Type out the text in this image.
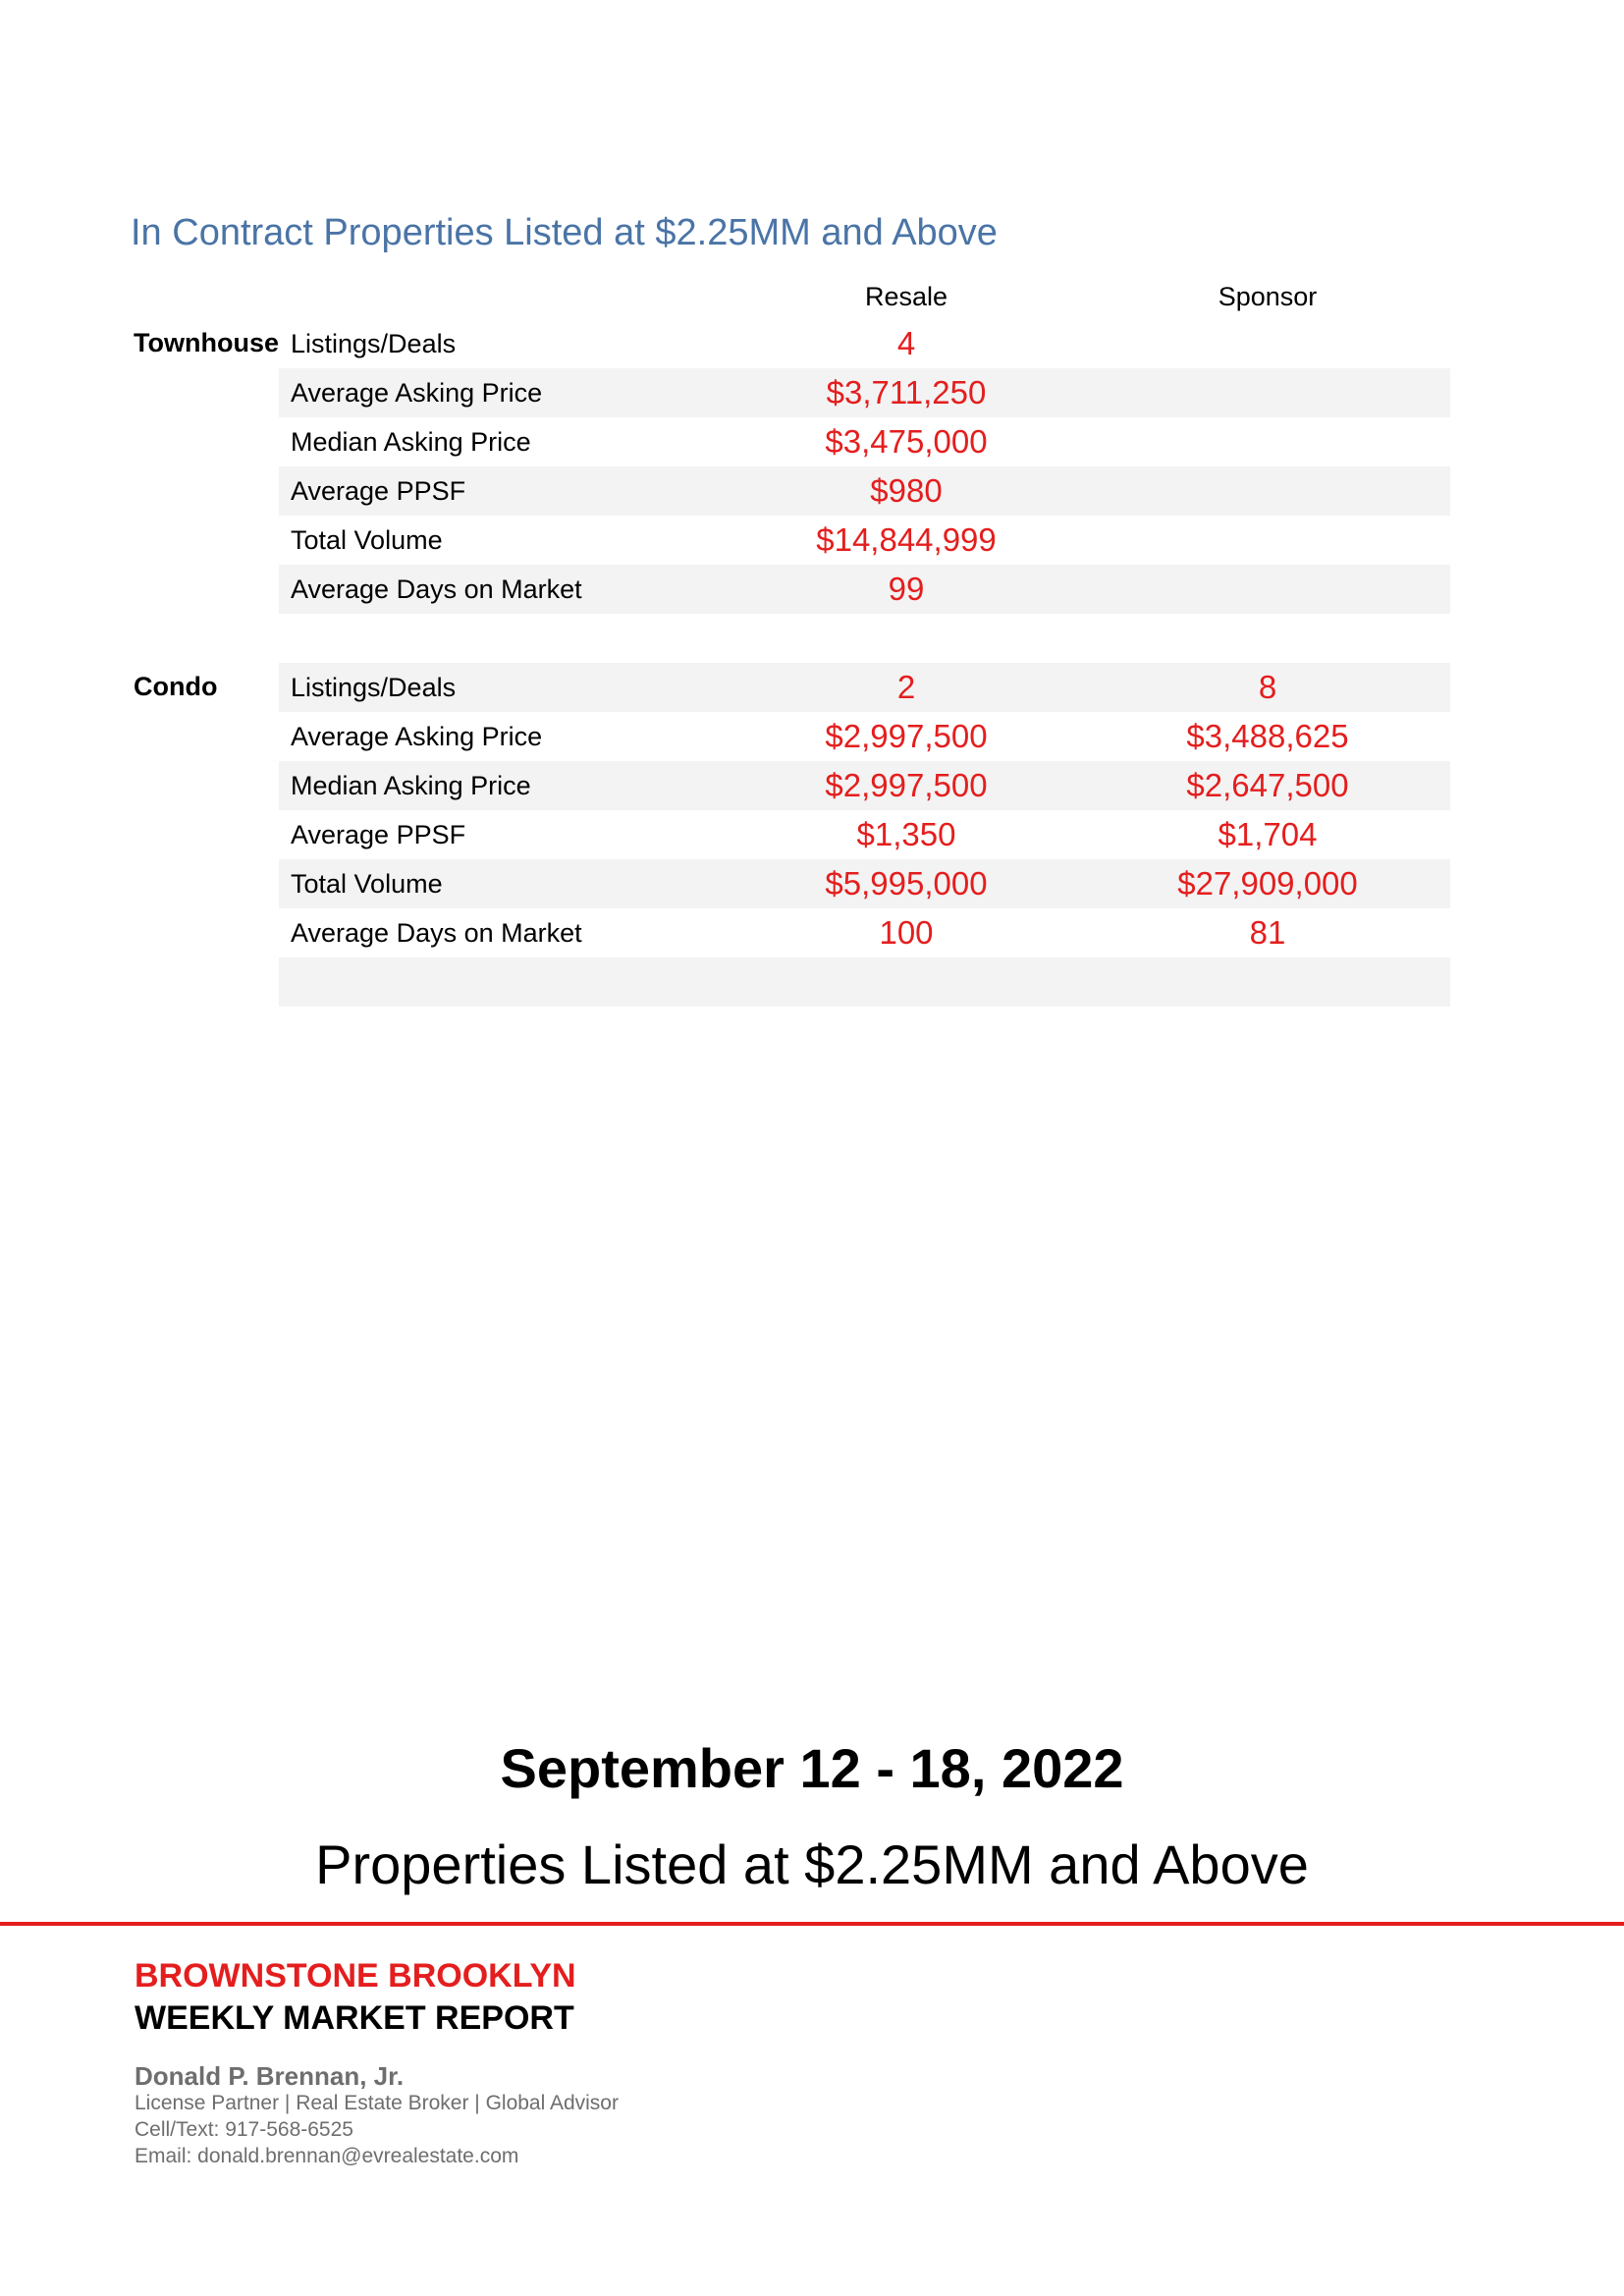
In Contract Properties Listed at $2.25MM and Above
Resale	Sponsor
Townhouse Listings/Deals	4
Average Asking Price	$3,711,250
Median Asking Price	$3,475,000
Average PPSF	$980
Total Volume	$14,844,999
Average Days on Market	99
Condo	Listings/Deals	2	8
Average Asking Price	$2,997,500	$3,488,625
Median Asking Price	$2,997,500	$2,647,500
Average PPSF	$1,350	$1,704
Total Volume	$5,995,000	$27,909,000
Average Days on Market	100	81
September 12 - 18, 2022
Properties Listed at $2.25MM and Above
BROWNSTONE BROOKLYN
WEEKLY MARKET REPORT
Donald P. Brennan, Jr.
License Partner | Real Estate Broker | Global Advisor
Cell/Text: 917-568-6525
Email: donald.brennan@evrealestate.com
